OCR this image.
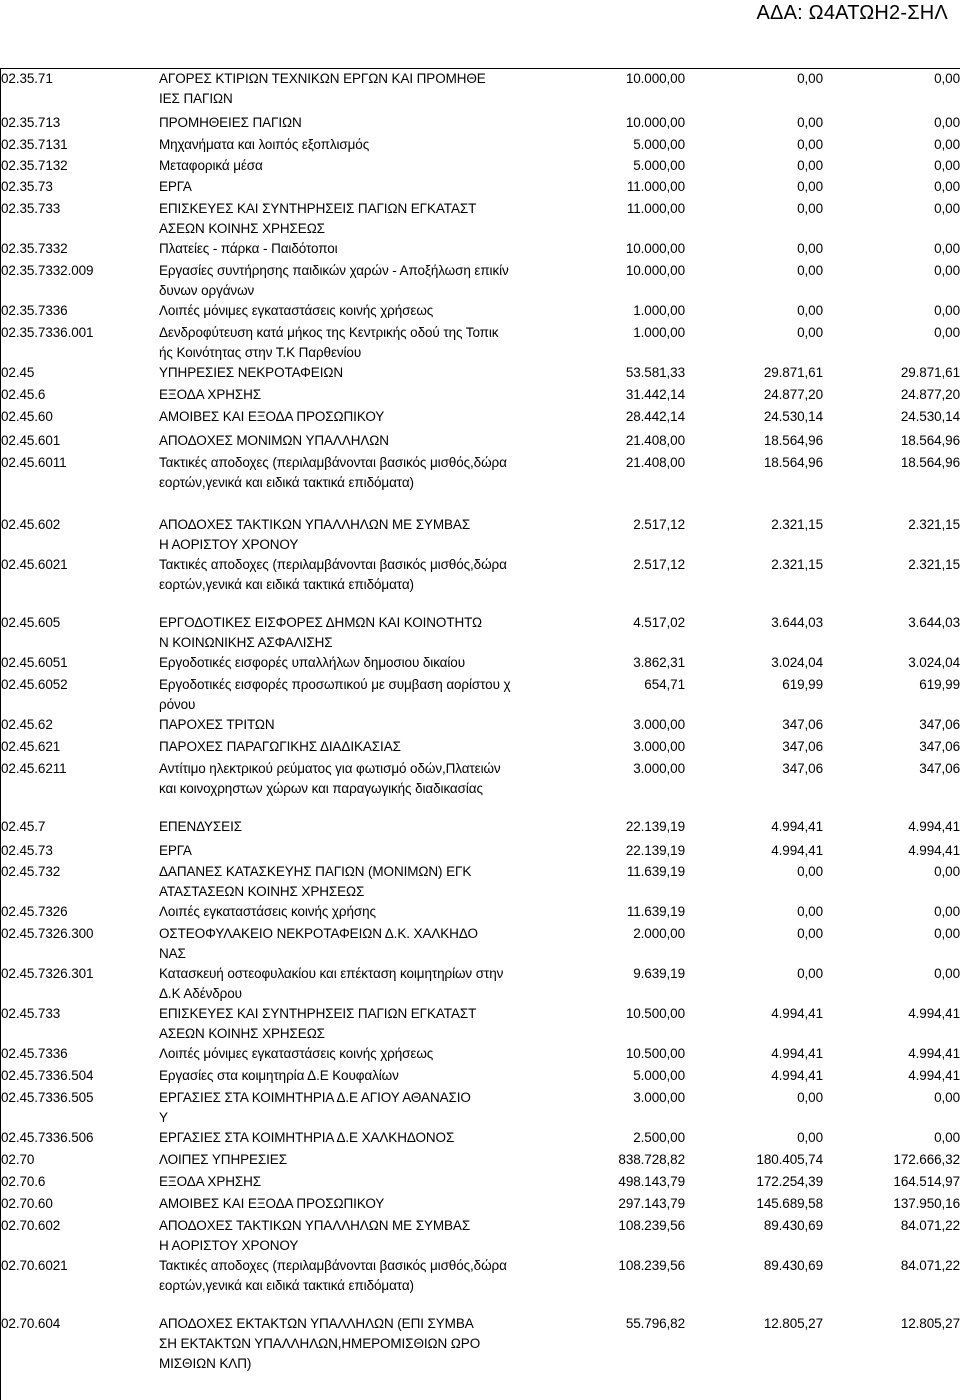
ΑΔΑ: Ω4ΑΤΩΗ2-ΣΗΛ
02.35.71	ΑΓΟΡΕΣ ΚΤΙΡΙΩΝ ΤΕΧΝΙΚΩΝ ΕΡΓΩΝ ΚΑΙ ΠΡΟΜΗΘΕ
ΙΕΣ ΠΑΓΙΩΝ	10.000,00	0,00	0,00
02.35.713	ΠΡΟΜΗΘΕΙΕΣ ΠΑΓΙΩΝ	10.000,00	0,00	0,00
02.35.7131	Μηχανήματα και λοιπός εξοπλισμός	5.000,00	0,00	0,00
02.35.7132	Μεταφορικά μέσα	5.000,00	0,00	0,00
02.35.73	ΕΡΓΑ	11.000,00	0,00	0,00
02.35.733	ΕΠΙΣΚΕΥΕΣ ΚΑΙ ΣΥΝΤΗΡΗΣΕΙΣ ΠΑΓΙΩΝ ΕΓΚΑΤΑΣΤ
ΑΣΕΩΝ ΚΟΙΝΗΣ ΧΡΗΣΕΩΣ	11.000,00	0,00	0,00
02.35.7332	Πλατείες - πάρκα - Παιδότοποι	10.000,00	0,00	0,00
02.35.7332.009	Εργασίες συντήρησης παιδικών χαρών - Αποξήλωση επικίν
δυνων οργάνων	10.000,00	0,00	0,00
02.35.7336	Λοιπές μόνιμες εγκαταστάσεις κοινής χρήσεως	1.000,00	0,00	0,00
02.35.7336.001	Δενδροφύτευση κατά μήκος της Κεντρικής οδού της Τοπικ
ής Κοινότητας στην Τ.Κ Παρθενίου	1.000,00	0,00	0,00
02.45	ΥΠΗΡΕΣΙΕΣ ΝΕΚΡΟΤΑΦΕΙΩΝ	53.581,33	29.871,61	29.871,61
02.45.6	ΕΞΟΔΑ ΧΡΗΣΗΣ	31.442,14	24.877,20	24.877,20
02.45.60	ΑΜΟΙΒΕΣ ΚΑΙ ΕΞΟΔΑ ΠΡΟΣΩΠΙΚΟΥ	28.442,14	24.530,14	24.530,14
02.45.601	ΑΠΟΔΟΧΕΣ ΜΟΝΙΜΩΝ ΥΠΑΛΛΗΛΩΝ	21.408,00	18.564,96	18.564,96
02.45.6011	Τακτικές αποδοχες (περιλαμβάνονται βασικός μισθός,δώρα
εορτών,γενικά και ειδικά τακτικά επιδόματα)	21.408,00	18.564,96	18.564,96
02.45.602	ΑΠΟΔΟΧΕΣ ΤΑΚΤΙΚΩΝ ΥΠΑΛΛΗΛΩΝ ΜΕ ΣΥΜΒΑΣ
Η ΑΟΡΙΣΤΟΥ ΧΡΟΝΟΥ	2.517,12	2.321,15	2.321,15
02.45.6021	Τακτικές αποδοχες (περιλαμβάνονται βασικός μισθός,δώρα
εορτών,γενικά και ειδικά τακτικά επιδόματα)	2.517,12	2.321,15	2.321,15
02.45.605	ΕΡΓΟΔΟΤΙΚΕΣ ΕΙΣΦΟΡΕΣ ΔΗΜΩΝ ΚΑΙ ΚΟΙΝΟΤΗΤΩ
Ν ΚΟΙΝΩΝΙΚΗΣ ΑΣΦΑΛΙΣΗΣ	4.517,02	3.644,03	3.644,03
02.45.6051	Εργοδοτικές εισφορές υπαλλήλων δημοσιου δικαίου	3.862,31	3.024,04	3.024,04
02.45.6052	Εργοδοτικές εισφορές προσωπικού με συμβαση αορίστου χ
ρόνου	654,71	619,99	619,99
02.45.62	ΠΑΡΟΧΕΣ ΤΡΙΤΩΝ	3.000,00	347,06	347,06
02.45.621	ΠΑΡΟΧΕΣ ΠΑΡΑΓΩΓΙΚΗΣ ΔΙΑΔΙΚΑΣΙΑΣ	3.000,00	347,06	347,06
02.45.6211	Αντίτιμο ηλεκτρικού ρεύματος για φωτισμό οδών,Πλατειών
και κοινοχρηστων χώρων και παραγωγικής διαδικασίας	3.000,00	347,06	347,06
02.45.7	ΕΠΕΝΔΥΣΕΙΣ	22.139,19	4.994,41	4.994,41
02.45.73	ΕΡΓΑ	22.139,19	4.994,41	4.994,41
02.45.732	ΔΑΠΑΝΕΣ ΚΑΤΑΣΚΕΥΗΣ ΠΑΓΙΩΝ (ΜΟΝΙΜΩΝ) ΕΓΚ
ΑΤΑΣΤΑΣΕΩΝ ΚΟΙΝΗΣ ΧΡΗΣΕΩΣ	11.639,19	0,00	0,00
02.45.7326	Λοιπές εγκαταστάσεις κοινής χρήσης	11.639,19	0,00	0,00
02.45.7326.300	ΟΣΤΕΟΦΥΛΑΚΕΙΟ ΝΕΚΡΟΤΑΦΕΙΩΝ Δ.Κ. ΧΑΛΚΗΔΟ
ΝΑΣ	2.000,00	0,00	0,00
02.45.7326.301	Κατασκευή οστεοφυλακίου και επέκταση κοιμητηρίων στην
Δ.Κ Αδένδρου	9.639,19	0,00	0,00
02.45.733	ΕΠΙΣΚΕΥΕΣ ΚΑΙ ΣΥΝΤΗΡΗΣΕΙΣ ΠΑΓΙΩΝ ΕΓΚΑΤΑΣΤ
ΑΣΕΩΝ ΚΟΙΝΗΣ ΧΡΗΣΕΩΣ	10.500,00	4.994,41	4.994,41
02.45.7336	Λοιπές μόνιμες εγκαταστάσεις κοινής χρήσεως	10.500,00	4.994,41	4.994,41
02.45.7336.504	Εργασίες στα κοιμητηρία Δ.Ε Κουφαλίων	5.000,00	4.994,41	4.994,41
02.45.7336.505	ΕΡΓΑΣΙΕΣ ΣΤΑ ΚΟΙΜΗΤΗΡΙΑ Δ.Ε ΑΓΙΟΥ ΑΘΑΝΑΣΙΟ
Υ	3.000,00	0,00	0,00
02.45.7336.506	ΕΡΓΑΣΙΕΣ ΣΤΑ ΚΟΙΜΗΤΗΡΙΑ Δ.Ε ΧΑΛΚΗΔΟΝΟΣ	2.500,00	0,00	0,00
02.70	ΛΟΙΠΕΣ ΥΠΗΡΕΣΙΕΣ	838.728,82	180.405,74	172.666,32
02.70.6	ΕΞΟΔΑ ΧΡΗΣΗΣ	498.143,79	172.254,39	164.514,97
02.70.60	ΑΜΟΙΒΕΣ ΚΑΙ ΕΞΟΔΑ ΠΡΟΣΩΠΙΚΟΥ	297.143,79	145.689,58	137.950,16
02.70.602	ΑΠΟΔΟΧΕΣ ΤΑΚΤΙΚΩΝ ΥΠΑΛΛΗΛΩΝ ΜΕ ΣΥΜΒΑΣ
Η ΑΟΡΙΣΤΟΥ ΧΡΟΝΟΥ	108.239,56	89.430,69	84.071,22
02.70.6021	Τακτικές αποδοχες (περιλαμβάνονται βασικός μισθός,δώρα
εορτών,γενικά και ειδικά τακτικά επιδόματα)	108.239,56	89.430,69	84.071,22
02.70.604	ΑΠΟΔΟΧΕΣ ΕΚΤΑΚΤΩΝ ΥΠΑΛΛΗΛΩΝ (ΕΠΙ ΣΥΜΒΑ
ΣΗ ΕΚΤΑΚΤΩΝ ΥΠΑΛΛΗΛΩΝ,ΗΜΕΡΟΜΙΣΘΙΩΝ ΩΡΟ
ΜΙΣΘΙΩΝ ΚΛΠ)	55.796,82	12.805,27	12.805,27
